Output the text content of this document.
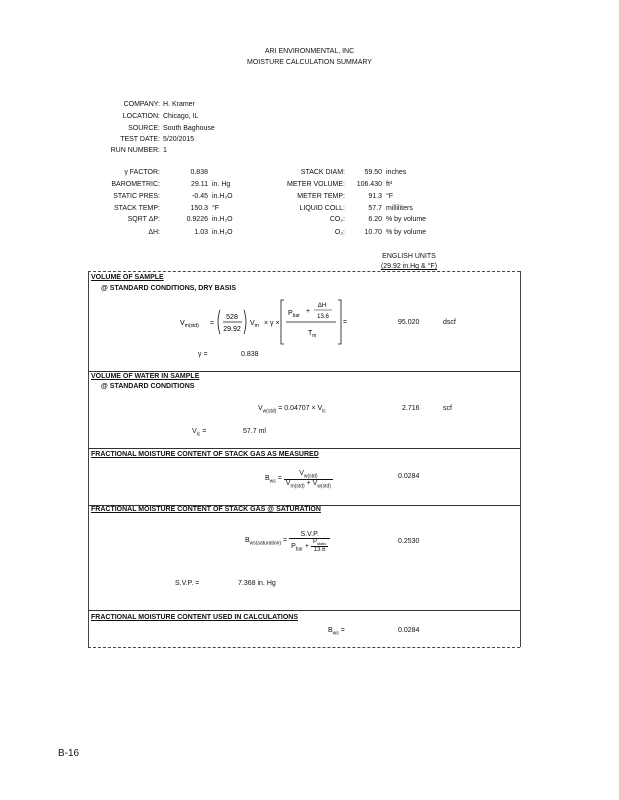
ARI ENVIRONMENTAL, INC
MOISTURE CALCULATION SUMMARY
COMPANY: H. Kramer
LOCATION: Chicago, IL
SOURCE: South Baghouse
TEST DATE: 5/20/2015
RUN NUMBER: 1
γ FACTOR:	0.838
BAROMETRIC:	29.11 in. Hg
STATIC PRES:	-0.45 in.H₂O
STACK TEMP:	150.3 °F
SQRT ΔP:	0.9226 in.H₂O
ΔH:	1.03 in.H₂O
STACK DIAM:	59.50 inches
METER VOLUME:	106.430 ft³
METER TEMP:	91.3 °F
LIQUID COLL:	57.7 milliliters
CO₂:	6.20 % by volume
O₂:	10.70 % by volume
ENGLISH UNITS
(29.92 in.Hg & °F)
VOLUME OF SAMPLE
@ STANDARD CONDITIONS, DRY BASIS
$V_{m(std)}$ =
528
29.92
$V_m \times \gamma$ ×
$P_{bar}$
+
ΔH
13.6
$T_m$
=	95.020	dscf
γ =	0.838
VOLUME OF WATER IN SAMPLE
@ STANDARD CONDITIONS
$V_{w(std)} = 0.04707 \times V_{lc}$	2.716	scf
$V_{lc}$ =	57.7 ml
FRACTIONAL MOISTURE CONTENT OF STACK GAS AS MEASURED
$B_{ws} = \frac{V_{w(std)}}{V_{m(std)} + V_{w(std)}}$	0.0284
FRACTIONAL MOISTURE CONTENT OF STACK GAS @ SATURATION
$B_{ws(saturation)} = \frac{S.V.P.}{P_{bar} + \frac{P_{static}}{13.6}}$	0.2530
S.V.P. =	7.368 in. Hg
FRACTIONAL MOISTURE CONTENT USED IN CALCULATIONS
$B_{ws}$ =	0.0284
B-16
